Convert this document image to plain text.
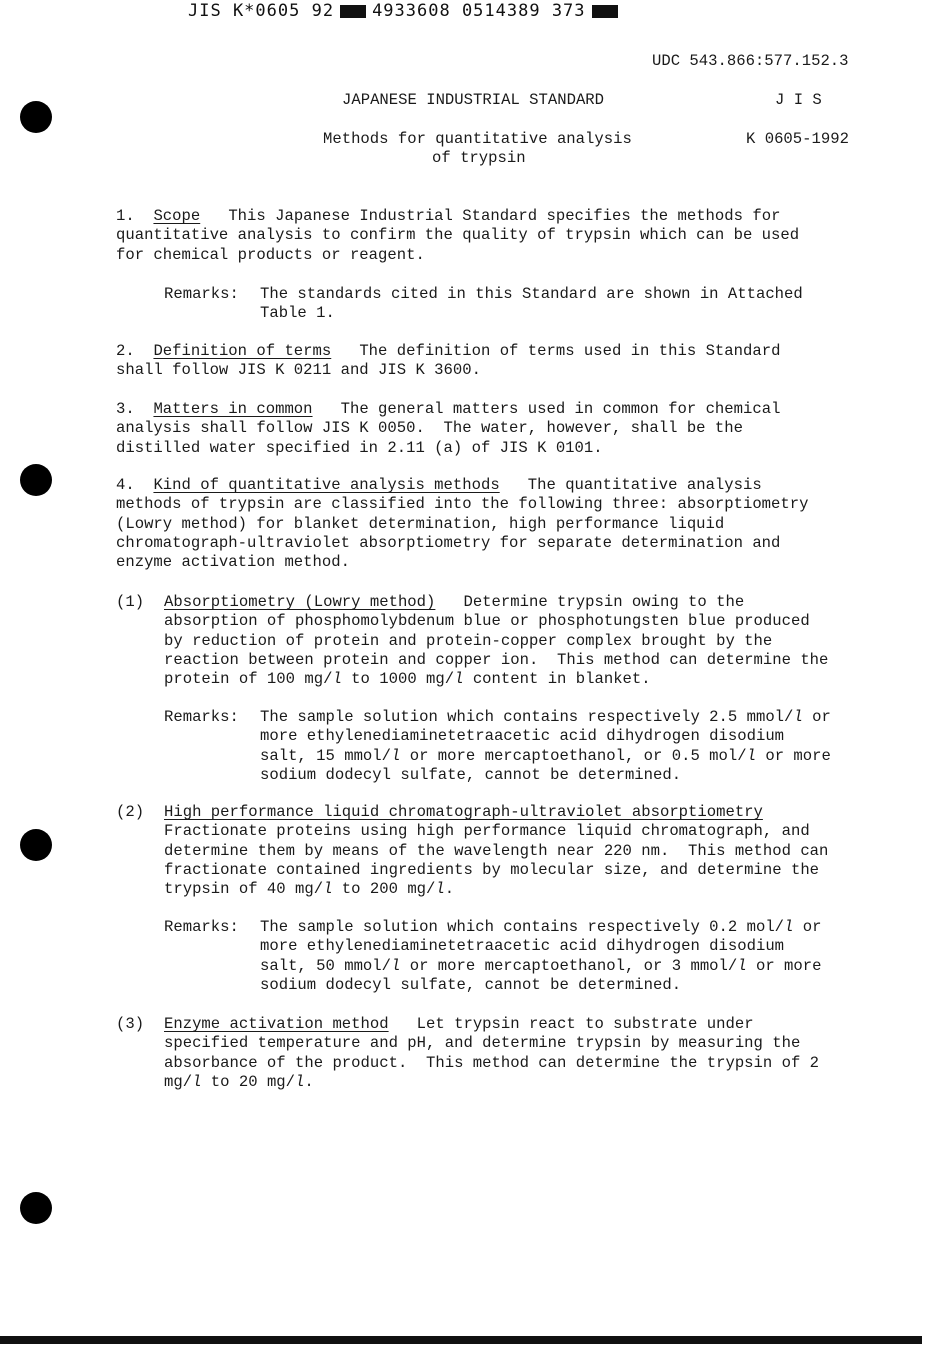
JIS K*0605 92 4933608 0514389 373
UDC 543.866:577.152.3
JAPANESE INDUSTRIAL STANDARD	J I S
Methods for quantitative analysis
of trypsin
K 0605-1992
1. Scope This Japanese Industrial Standard specifies the methods for
quantitative analysis to confirm the quality of trypsin which can be used
for chemical products or reagent.
Remarks: The standards cited in this Standard are shown in Attached
Table 1.
2. Definition of terms The definition of terms used in this Standard
shall follow JIS K 0211 and JIS K 3600.
3. Matters in common The general matters used in common for chemical
analysis shall follow JIS K 0050.  The water, however, shall be the
distilled water specified in 2.11 (a) of JIS K 0101.
4. Kind of quantitative analysis methods The quantitative analysis
methods of trypsin are classified into the following three: absorptiometry
(Lowry method) for blanket determination, high performance liquid
chromatograph-ultraviolet absorptiometry for separate determination and
enzyme activation method.
(1) Absorptiometry (Lowry method) Determine trypsin owing to the
absorption of phosphomolybdenum blue or phosphotungsten blue produced
by reduction of protein and protein-copper complex brought by the
reaction between protein and copper ion.  This method can determine the
protein of 100 mg/l to 1000 mg/l content in blanket.
Remarks: The sample solution which contains respectively 2.5 mmol/l or
more ethylenediaminetetraacetic acid dihydrogen disodium
salt, 15 mmol/l or more mercaptoethanol, or 0.5 mol/l or more
sodium dodecyl sulfate, cannot be determined.
(2) High performance liquid chromatograph-ultraviolet absorptiometry
Fractionate proteins using high performance liquid chromatograph, and
determine them by means of the wavelength near 220 nm.  This method can
fractionate contained ingredients by molecular size, and determine the
trypsin of 40 mg/l to 200 mg/l.
Remarks: The sample solution which contains respectively 0.2 mol/l or
more ethylenediaminetetraacetic acid dihydrogen disodium
salt, 50 mmol/l or more mercaptoethanol, or 3 mmol/l or more
sodium dodecyl sulfate, cannot be determined.
(3) Enzyme activation method Let trypsin react to substrate under
specified temperature and pH, and determine trypsin by measuring the
absorbance of the product.  This method can determine the trypsin of 2
mg/l to 20 mg/l.
